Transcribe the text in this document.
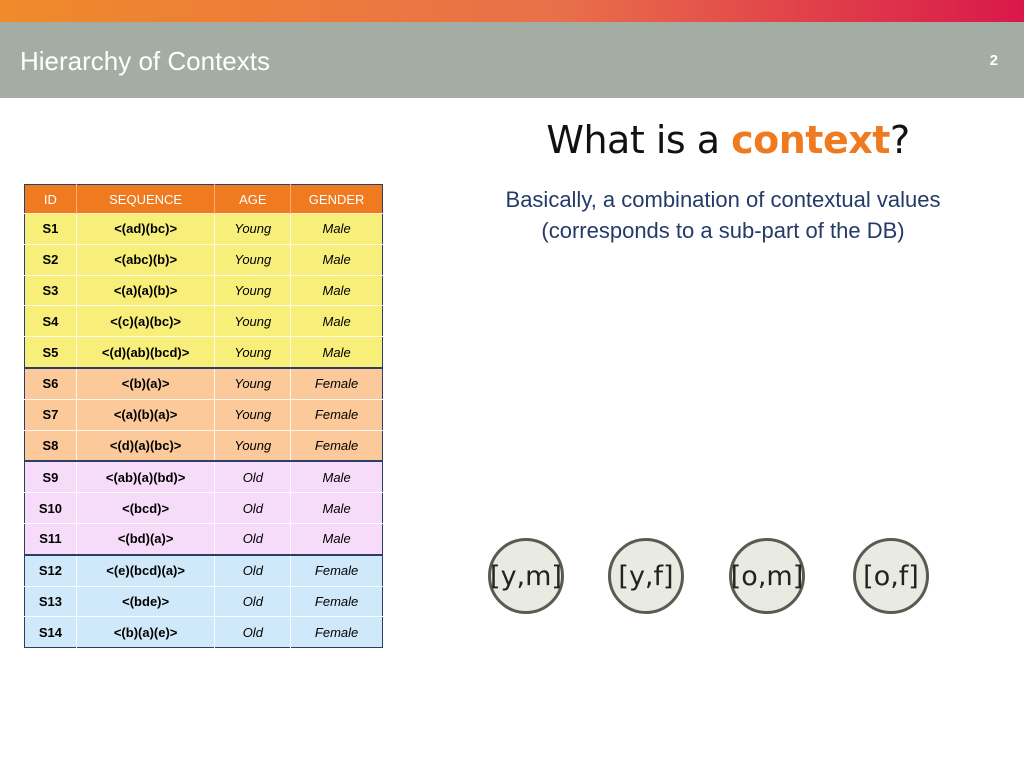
Hierarchy of Contexts	2
What is a context?
Basically, a combination of contextual values
(corresponds to a sub-part of the DB)
ID	SEQUENCE	AGE	GENDER
S1	<(ad)(bc)>	Young	Male
S2	<(abc)(b)>	Young	Male
S3	<(a)(a)(b)>	Young	Male
S4	<(c)(a)(bc)>	Young	Male
S5	<(d)(ab)(bcd)>	Young	Male
S6	<(b)(a)>	Young	Female
S7	<(a)(b)(a)>	Young	Female
S8	<(d)(a)(bc)>	Young	Female
S9	<(ab)(a)(bd)>	Old	Male
S10	<(bcd)>	Old	Male
S11	<(bd)(a)>	Old	Male
S12	<(e)(bcd)(a)>	Old	Female
S13	<(bde)>	Old	Female
S14	<(b)(a)(e)>	Old	Female
[y,m]	[y,f]	[o,m]	[o,f]
